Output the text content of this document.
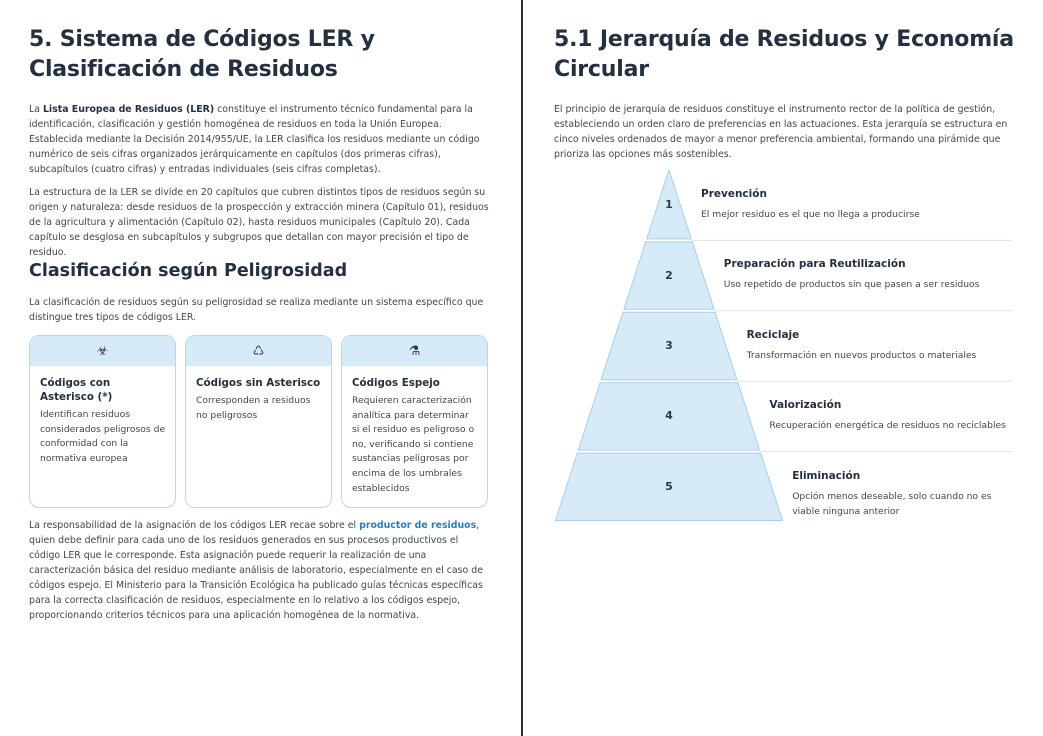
5. Sistema de Códigos LER y Clasificación de Residuos

La Lista Europea de Residuos (LER) constituye el instrumento técnico fundamental para la identificación, clasificación y gestión homogénea de residuos en toda la Unión Europea. Establecida mediante la Decisión 2014/955/UE, la LER clasifica los residuos mediante un código numérico de seis cifras organizados jerárquicamente en capítulos (dos primeras cifras), subcapítulos (cuatro cifras) y entradas individuales (seis cifras completas).

La estructura de la LER se divide en 20 capítulos que cubren distintos tipos de residuos según su origen y naturaleza: desde residuos de la prospección y extracción minera (Capítulo 01), residuos de la agricultura y alimentación (Capítulo 02), hasta residuos municipales (Capítulo 20). Cada capítulo se desglosa en subcapítulos y subgrupos que detallan con mayor precisión el tipo de residuo.

Clasificación según Peligrosidad

La clasificación de residuos según su peligrosidad se realiza mediante un sistema específico que distingue tres tipos de códigos LER.

☣
Códigos con Asterisco (*)
Identifican residuos considerados peligrosos de conformidad con la normativa europea
♺
Códigos sin Asterisco
Corresponden a residuos no peligrosos
⚗
Códigos Espejo
Requieren caracterización analítica para determinar si el residuo es peligroso o no, verificando si contiene sustancias peligrosas por encima de los umbrales establecidos

La responsabilidad de la asignación de los códigos LER recae sobre el productor de residuos, quien debe definir para cada uno de los residuos generados en sus procesos productivos el código LER que le corresponde. Esta asignación puede requerir la realización de una caracterización básica del residuo mediante análisis de laboratorio, especialmente en el caso de códigos espejo. El Ministerio para la Transición Ecológica ha publicado guías técnicas específicas para la correcta clasificación de residuos, especialmente en lo relativo a los códigos espejo, proporcionando criterios técnicos para una aplicación homogénea de la normativa.

5.1 Jerarquía de Residuos y Economía Circular

El principio de jerarquía de residuos constituye el instrumento rector de la política de gestión, estableciendo un orden claro de preferencias en las actuaciones. Esta jerarquía se estructura en cinco niveles ordenados de mayor a menor preferencia ambiental, formando una pirámide que prioriza las opciones más sostenibles.

1
Prevención
El mejor residuo es el que no llega a producirse
2
Preparación para Reutilización
Uso repetido de productos sin que pasen a ser residuos
3
Reciclaje
Transformación en nuevos productos o materiales
4
Valorización
Recuperación energética de residuos no reciclables
5
Eliminación
Opción menos deseable, solo cuando no es viable ninguna anterior
